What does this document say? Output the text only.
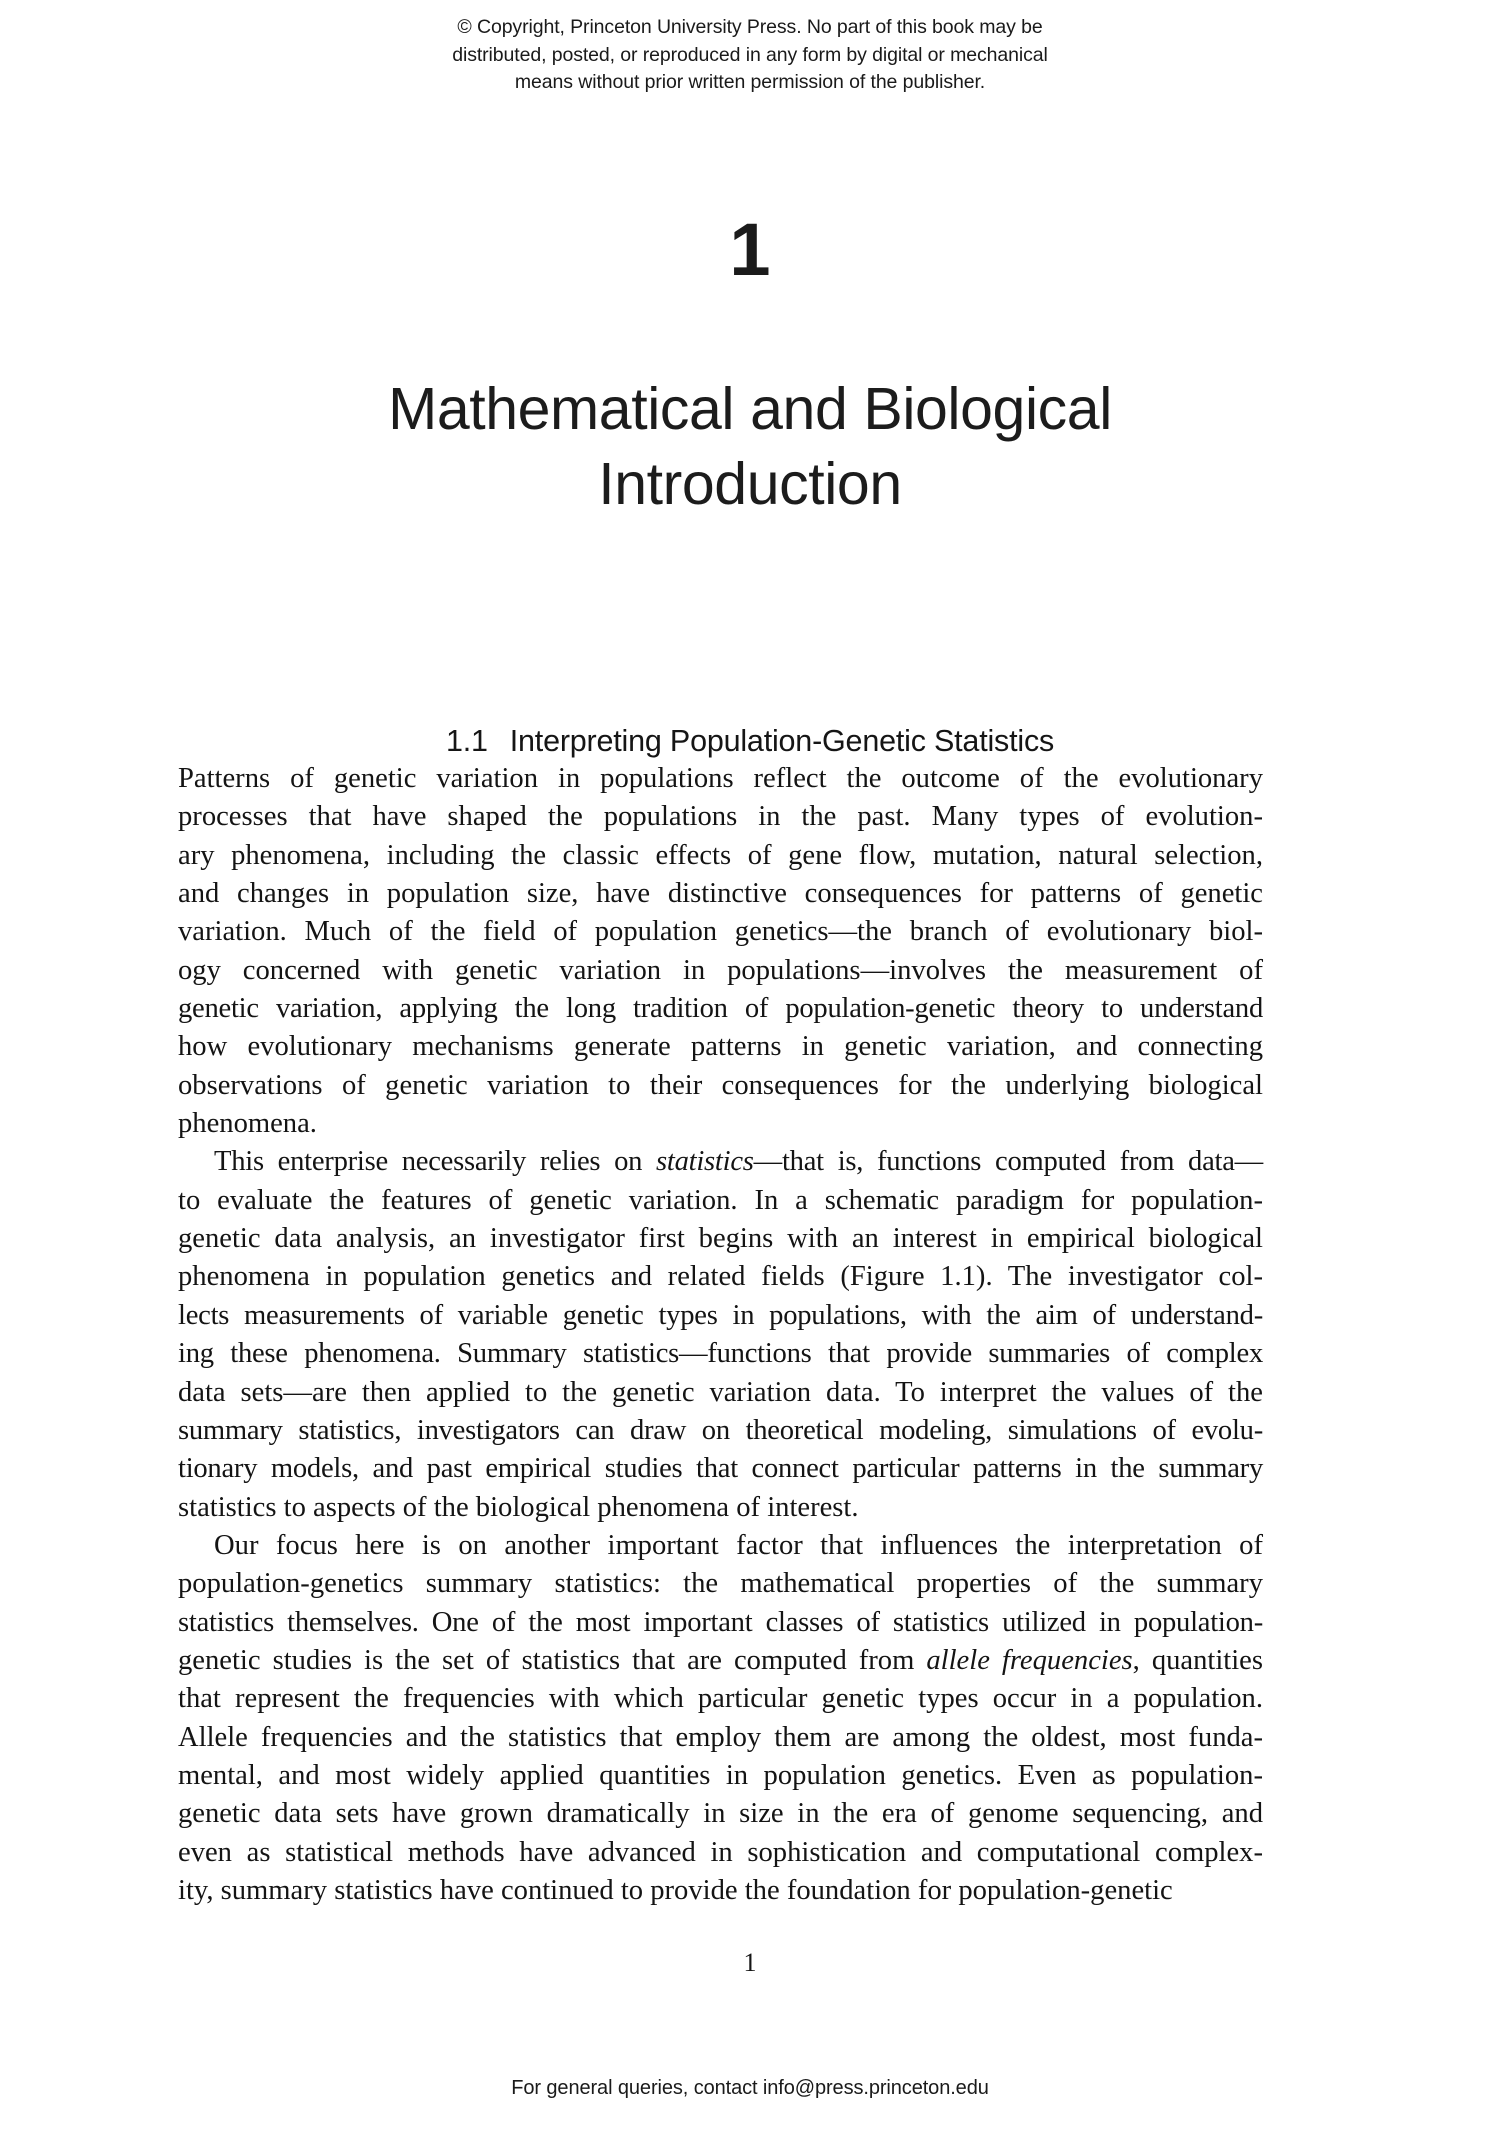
© Copyright, Princeton University Press. No part of this book may be
distributed, posted, or reproduced in any form by digital or mechanical
means without prior written permission of the publisher.
1
Mathematical and Biological
Introduction
1.1 Interpreting Population-Genetic Statistics

Patterns of genetic variation in populations reflect the outcome of the evolutionary
processes that have shaped the populations in the past. Many types of evolution-
ary phenomena, including the classic effects of gene flow, mutation, natural selection,
and changes in population size, have distinctive consequences for patterns of genetic
variation. Much of the field of population genetics—the branch of evolutionary biol-
ogy concerned with genetic variation in populations—involves the measurement of
genetic variation, applying the long tradition of population-genetic theory to understand
how evolutionary mechanisms generate patterns in genetic variation, and connecting
observations of genetic variation to their consequences for the underlying biological
phenomena.

This enterprise necessarily relies on statistics—that is, functions computed from data—
to evaluate the features of genetic variation. In a schematic paradigm for population-
genetic data analysis, an investigator first begins with an interest in empirical biological
phenomena in population genetics and related fields (Figure 1.1). The investigator col-
lects measurements of variable genetic types in populations, with the aim of understand-
ing these phenomena. Summary statistics—functions that provide summaries of complex
data sets—are then applied to the genetic variation data. To interpret the values of the
summary statistics, investigators can draw on theoretical modeling, simulations of evolu-
tionary models, and past empirical studies that connect particular patterns in the summary
statistics to aspects of the biological phenomena of interest.

Our focus here is on another important factor that influences the interpretation of
population-genetics summary statistics: the mathematical properties of the summary
statistics themselves. One of the most important classes of statistics utilized in population-
genetic studies is the set of statistics that are computed from allele frequencies, quantities
that represent the frequencies with which particular genetic types occur in a population.
Allele frequencies and the statistics that employ them are among the oldest, most funda-
mental, and most widely applied quantities in population genetics. Even as population-
genetic data sets have grown dramatically in size in the era of genome sequencing, and
even as statistical methods have advanced in sophistication and computational complex-
ity, summary statistics have continued to provide the foundation for population-genetic

1
For general queries, contact info@press.princeton.edu
